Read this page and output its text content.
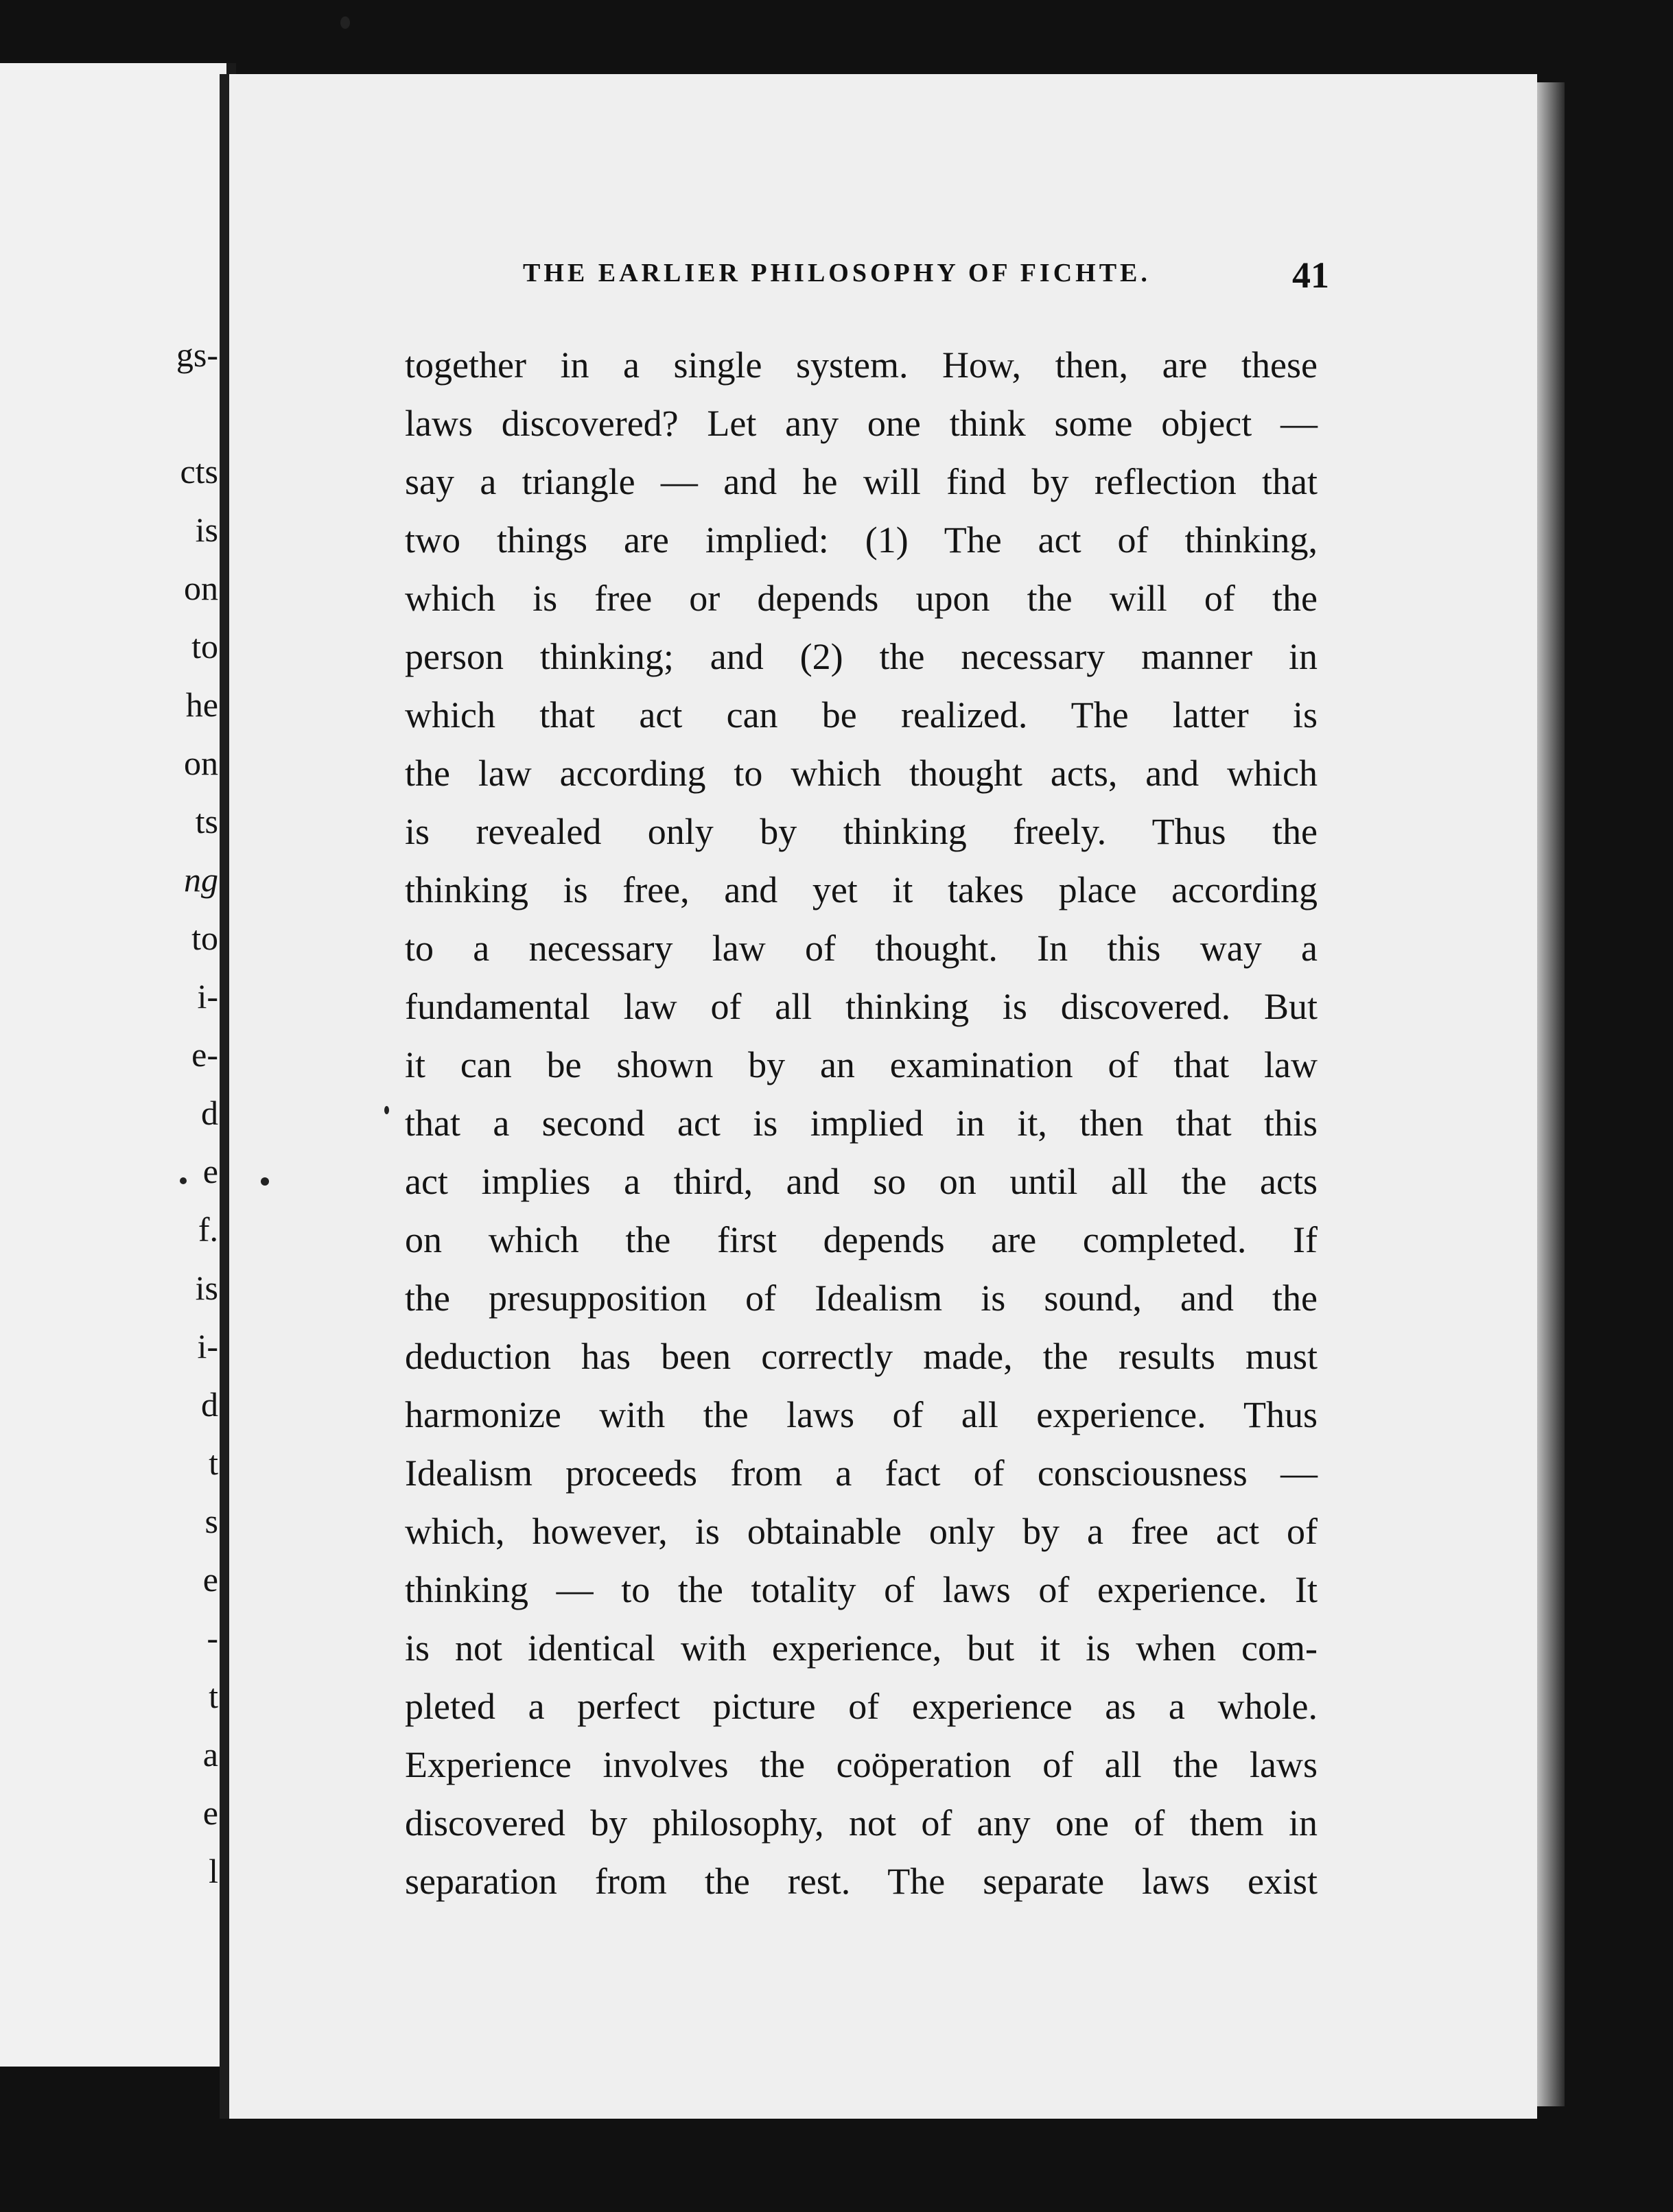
gs-
cts
is
on
to
he
on
ts
ng
to
i-
e-
d
e
f.
is
i-
d
t
s
e
-
t
a
e
l
THE EARLIER PHILOSOPHY OF FICHTE.	41
together in a single system. How, then, are these
laws discovered? Let any one think some object —
say a triangle — and he will find by reflection that
two things are implied: (1) The act of thinking,
which is free or depends upon the will of the
person thinking; and (2) the necessary manner in
which that act can be realized. The latter is
the law according to which thought acts, and which
is revealed only by thinking freely. Thus the
thinking is free, and yet it takes place according
to a necessary law of thought. In this way a
fundamental law of all thinking is discovered. But
it can be shown by an examination of that law
that a second act is implied in it, then that this
act implies a third, and so on until all the acts
on which the first depends are completed. If
the presupposition of Idealism is sound, and the
deduction has been correctly made, the results must
harmonize with the laws of all experience. Thus
Idealism proceeds from a fact of consciousness —
which, however, is obtainable only by a free act of
thinking — to the totality of laws of experience. It
is not identical with experience, but it is when com-
pleted a perfect picture of experience as a whole.
Experience involves the coöperation of all the laws
discovered by philosophy, not of any one of them in
separation from the rest. The separate laws exist
